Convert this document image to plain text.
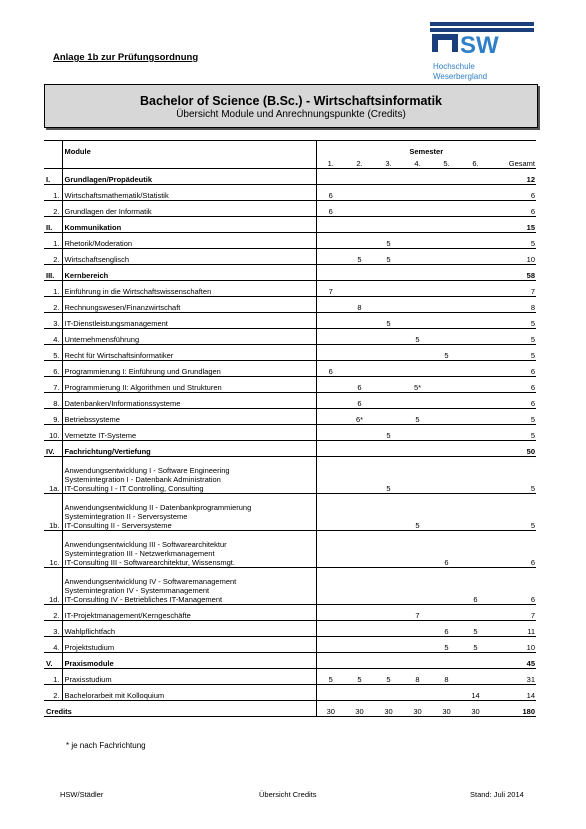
Anlage 1b zur Prüfungsordnung	SW
Hochschule
Weserbergland
Bachelor of Science (B.Sc.) - Wirtschaftsinformatik
Übersicht Module und Anrechnungspunkte (Credits)
	Module	Semester						
		1.	2.	3.	4.	5.	6.	Gesamt
I.	Grundlagen/Propädeutik	12						
1.	Wirtschaftsmathematik/Statistik	6						6
2.	Grundlagen der Informatik	6						6
II.	Kommunikation	15						
1.	Rhetorik/Moderation			5				5
2.	Wirtschaftsenglisch		5	5				10
III.	Kernbereich	58						
1.	Einführung in die Wirtschaftswissenschaften	7						7
2.	Rechnungswesen/Finanzwirtschaft		8					8
3.	IT-Dienstleistungsmanagement			5				5
4.	Unternehmensführung				5			5
5.	Recht für Wirtschaftsinformatiker					5		5
6.	Programmierung I: Einführung und Grundlagen	6						6
7.	Programmierung II: Algorithmen und Strukturen		6		5*			6
8.	Datenbanken/Informationssysteme		6					6
9.	Betriebssysteme		6*		5			5
10.	Vernetzte IT-Systeme			5				5
IV.	Fachrichtung/Vertiefung	50						
1a.	Anwendungsentwicklung I - Software Engineering
Systemintegration I - Datenbank Administration
IT-Consulting I - IT Controlling, Consulting			5				5
1b.	Anwendungsentwicklung II - Datenbankprogrammierung
Systemintegration II - Serversysteme
IT-Consulting II - Serversysteme				5			5
1c.	Anwendungsentwicklung III - Softwarearchitektur
Systemintegration III - Netzwerkmanagement
IT-Consulting III - Softwarearchitektur, Wissensmgt.					6		6
1d.	Anwendungsentwicklung IV - Softwaremanagement
Systemintegration IV - Systemmanagement
IT-Consulting IV - Betriebliches IT-Management						6	6
2.	IT-Projektmanagement/Kerngeschäfte				7			7
3.	Wahlpflichtfach					6	5	11
4.	Projektstudium					5	5	10
V.	Praxismodule	45						
1.	Praxisstudium	5	5	5	8	8		31
2.	Bachelorarbeit mit Kolloquium						14	14
Credits		30	30	30	30	30	30	180
* je nach Fachrichtung
HSW/Städler	Übersicht Credits	Stand: Juli 2014
